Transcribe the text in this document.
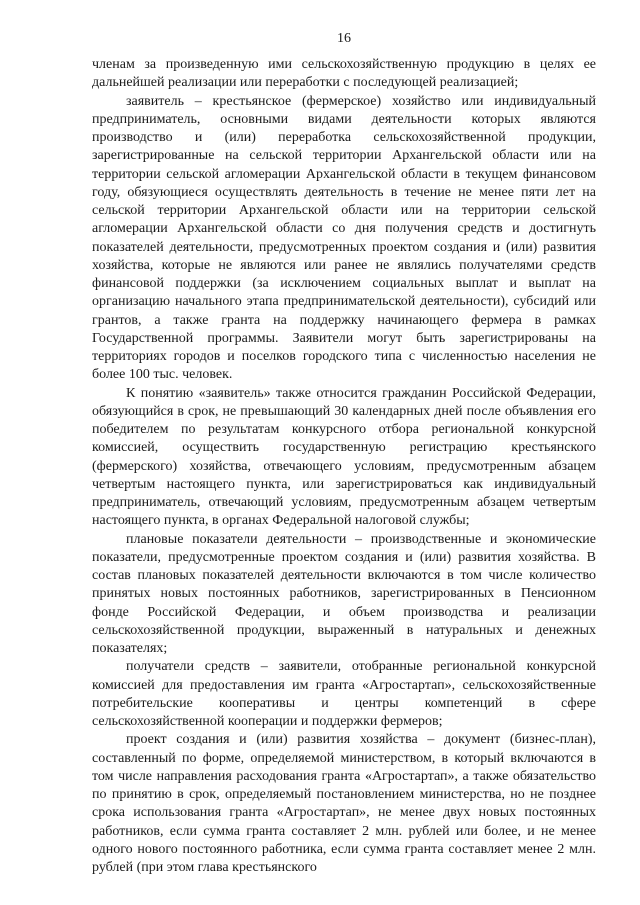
16

членам за произведенную ими сельскохозяйственную продукцию в целях ее дальнейшей реализации или переработки с последующей реализацией;

заявитель – крестьянское (фермерское) хозяйство или индивидуальный предприниматель, основными видами деятельности которых являются производство и (или) переработка сельскохозяйственной продукции, зарегистрированные на сельской территории Архангельской области или на территории сельской агломерации Архангельской области в текущем финансовом году, обязующиеся осуществлять деятельность в течение не менее пяти лет на сельской территории Архангельской области или на территории сельской агломерации Архангельской области со дня получения средств и достигнуть показателей деятельности, предусмотренных проектом создания и (или) развития хозяйства, которые не являются или ранее не являлись получателями средств финансовой поддержки (за исключением социальных выплат и выплат на организацию начального этапа предпринимательской деятельности), субсидий или грантов, а также гранта на поддержку начинающего фермера в рамках Государственной программы. Заявители могут быть зарегистрированы на территориях городов и поселков городского типа с численностью населения не более 100 тыс. человек.

К понятию «заявитель» также относится гражданин Российской Федерации, обязующийся в срок, не превышающий 30 календарных дней после объявления его победителем по результатам конкурсного отбора региональной конкурсной комиссией, осуществить государственную регистрацию крестьянского (фермерского) хозяйства, отвечающего условиям, предусмотренным абзацем четвертым настоящего пункта, или зарегистрироваться как индивидуальный предприниматель, отвечающий условиям, предусмотренным абзацем четвертым настоящего пункта, в органах Федеральной налоговой службы;

плановые показатели деятельности – производственные и экономические показатели, предусмотренные проектом создания и (или) развития хозяйства. В состав плановых показателей деятельности включаются в том числе количество принятых новых постоянных работников, зарегистрированных в Пенсионном фонде Российской Федерации, и объем производства и реализации сельскохозяйственной продукции, выраженный в натуральных и денежных показателях;

получатели средств – заявители, отобранные региональной конкурсной комиссией для предоставления им гранта «Агростартап», сельскохозяйственные потребительские кооперативы и центры компетенций в сфере сельскохозяйственной кооперации и поддержки фермеров;

проект создания и (или) развития хозяйства – документ (бизнес-план), составленный по форме, определяемой министерством, в который включаются в том числе направления расходования гранта «Агростартап», а также обязательство по принятию в срок, определяемый постановлением министерства, но не позднее срока использования гранта «Агростартап», не менее двух новых постоянных работников, если сумма гранта составляет 2 млн. рублей или более, и не менее одного нового постоянного работника, если сумма гранта составляет менее 2 млн. рублей (при этом глава крестьянского
